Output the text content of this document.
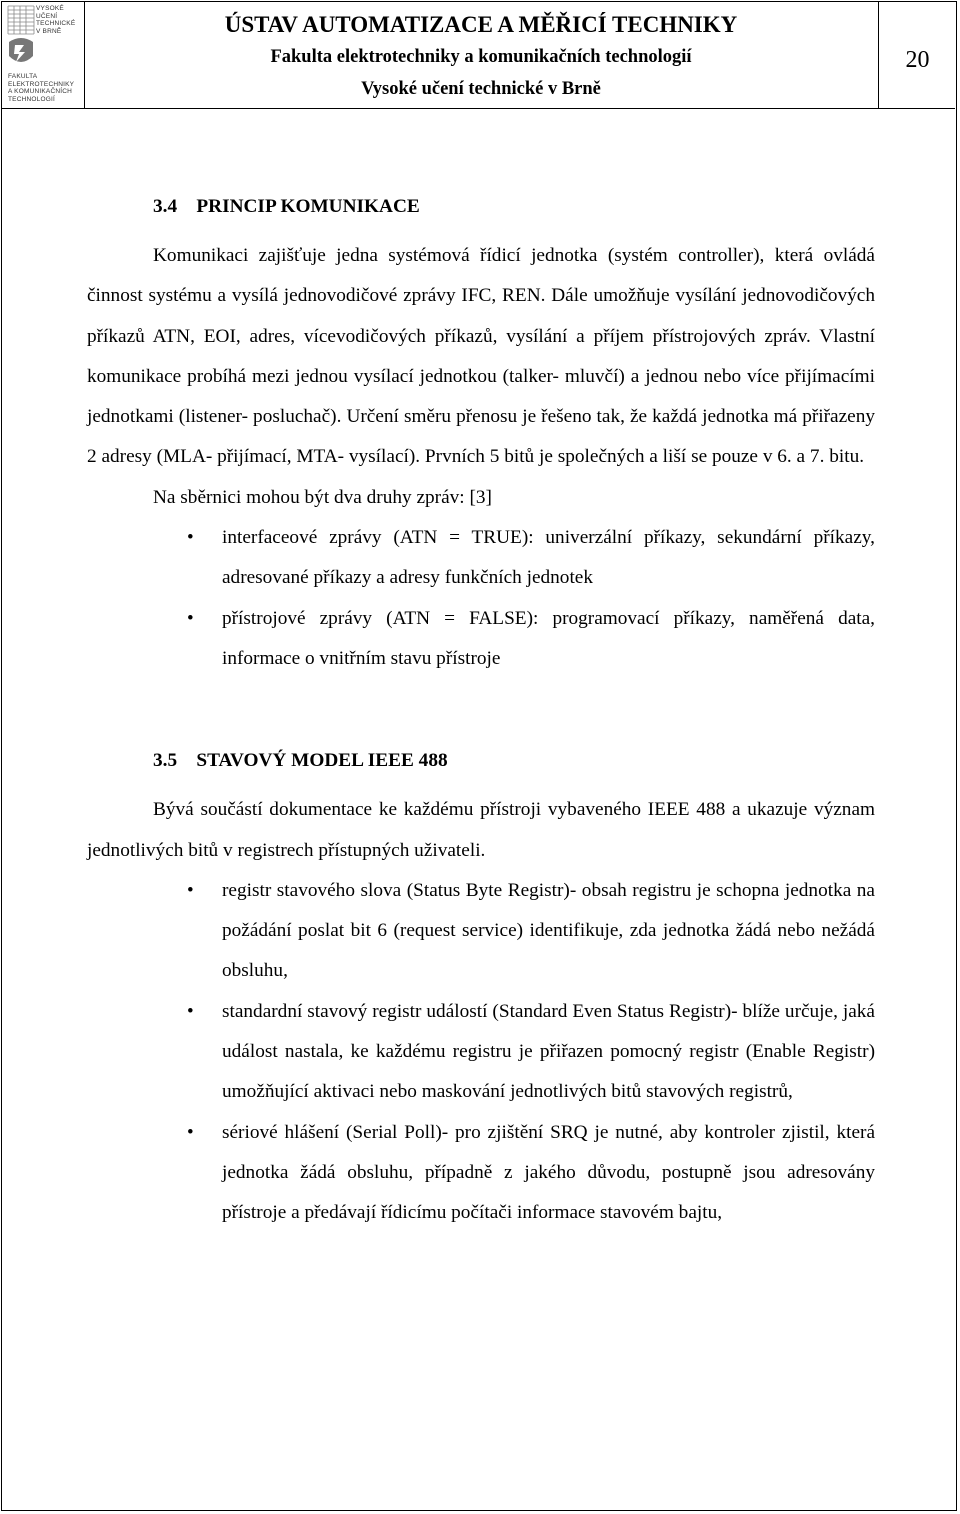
VYSOKÉ
UČENÍ
TECHNICKÉ
V BRNĚ
FAKULTA
ELEKTROTECHNIKY
A KOMUNIKAČNÍCH
TECHNOLOGIÍ
ÚSTAV AUTOMATIZACE A MĚŘICÍ TECHNIKY
Fakulta elektrotechniky a komunikačních technologií
Vysoké učení technické v Brně
20
3.4    PRINCIP KOMUNIKACE

Komunikaci zajišťuje jedna systémová řídicí jednotka (systém controller), která ovládá činnost systému a vysílá jednovodičové zprávy IFC, REN. Dále umožňuje vysílání jednovodičových příkazů ATN, EOI, adres, vícevodičových příkazů, vysílání a příjem přístrojových zpráv. Vlastní komunikace probíhá mezi jednou vysílací jednotkou (talker- mluvčí) a jednou nebo více přijímacími jednotkami (listener- posluchač). Určení směru přenosu je řešeno tak, že každá jednotka má přiřazeny 2 adresy (MLA- přijímací, MTA- vysílací). Prvních 5 bitů je společných a liší se pouze v 6. a 7. bitu.

Na sběrnici mohou být dva druhy zpráv: [3]

• interfaceové zprávy (ATN = TRUE): univerzální příkazy, sekundární příkazy, adresované příkazy a adresy funkčních jednotek
• přístrojové zprávy (ATN = FALSE): programovací příkazy, naměřená data, informace o vnitřním stavu přístroje
3.5    STAVOVÝ MODEL IEEE 488

Bývá součástí dokumentace ke každému přístroji vybaveného IEEE 488 a ukazuje význam jednotlivých bitů v registrech přístupných uživateli.

• registr stavového slova (Status Byte Registr)- obsah registru je schopna jednotka na požádání poslat bit 6 (request service) identifikuje, zda jednotka žádá nebo nežádá obsluhu,
• standardní stavový registr událostí (Standard Even Status Registr)- blíže určuje, jaká událost nastala, ke každému registru je přiřazen pomocný registr (Enable Registr) umožňující aktivaci nebo maskování jednotlivých bitů stavových registrů,
• sériové hlášení (Serial Poll)- pro zjištění SRQ je nutné, aby kontroler zjistil, která jednotka žádá obsluhu, případně z jakého důvodu, postupně jsou adresovány přístroje a předávají řídicímu počítači informace stavovém bajtu,
